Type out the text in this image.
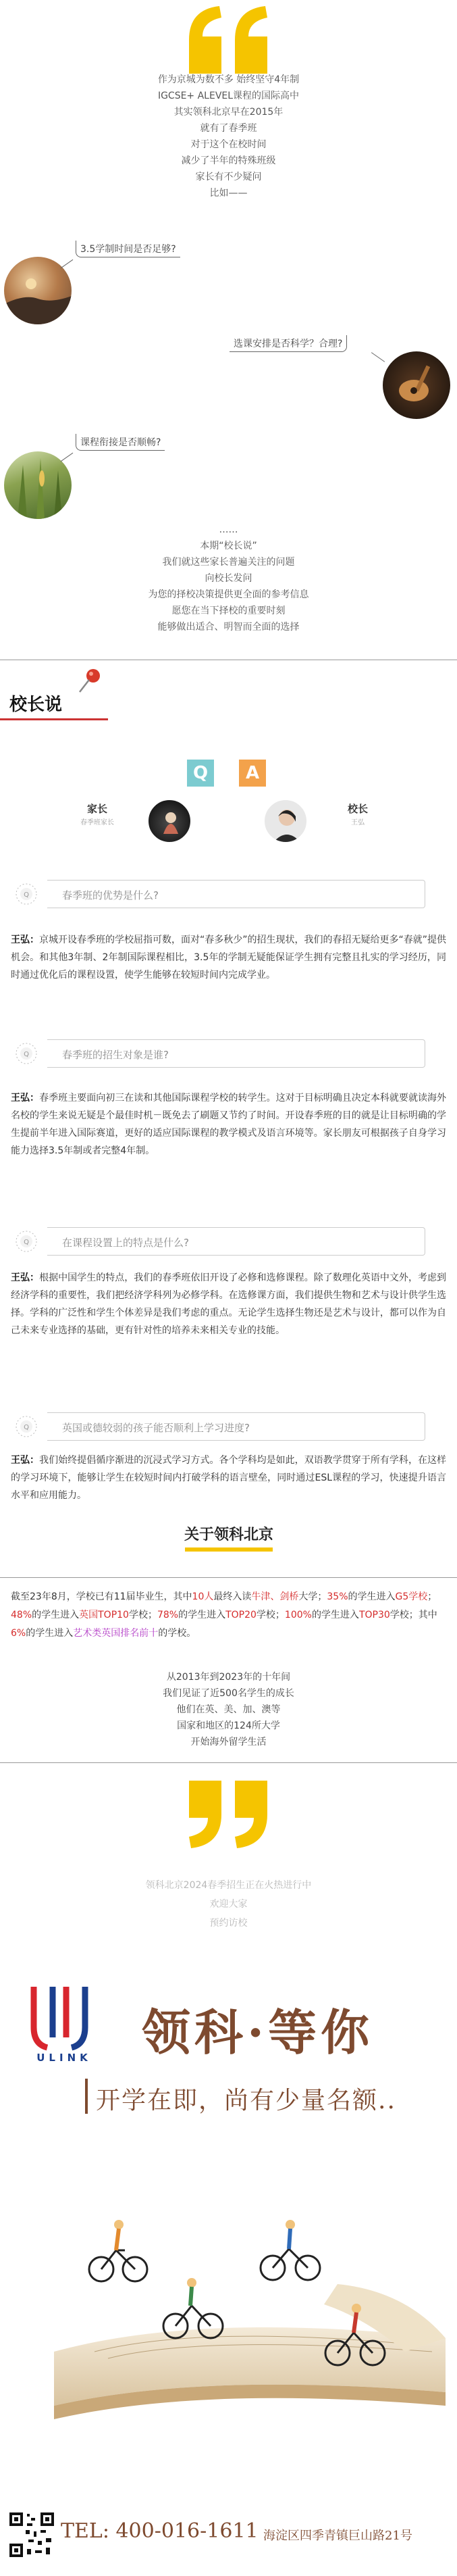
作为京城为数不多 始终坚守4年制

IGCSE+ ALEVEL课程的国际高中

其实领科北京早在2015年

就有了春季班

对于这个在校时间

减少了半年的特殊班级

家长有不少疑问

比如——

3.5学制时间是否足够?
选课安排是否科学？合理?
课程衔接是否顺畅?

……

本期“校长说”

我们就这些家长普遍关注的问题

向校长发问

为您的择校决策提供更全面的参考信息

愿您在当下择校的重要时刻

能够做出适合、明智而全面的选择

校长说
Q	A
家长
春季班家长
校长
王弘
Q	春季班的优势是什么?
王弘：京城开设春季班的学校屈指可数，面对“春多秋少”的招生现状，我们的春招无疑给更多“春就”提供机会。和其他3年制、2年制国际课程相比，3.5年的学制无疑能保证学生拥有完整且扎实的学习经历，同时通过优化后的课程设置，使学生能够在较短时间内完成学业。
Q	春季班的招生对象是谁?
王弘：春季班主要面向初三在读和其他国际课程学校的转学生。这对于目标明确且决定本科就要就读海外名校的学生来说无疑是个最佳时机－既免去了刷题又节约了时间。开设春季班的目的就是让目标明确的学生提前半年进入国际赛道，更好的适应国际课程的教学模式及语言环境等。家长朋友可根据孩子自身学习能力选择3.5年制或者完整4年制。
Q	在课程设置上的特点是什么?
王弘：根据中国学生的特点，我们的春季班依旧开设了必修和选修课程。除了数理化英语中文外，考虑到经济学科的重要性，我们把经济学科列为必修学科。在选修课方面，我们提供生物和艺术与设计供学生选择。学科的广泛性和学生个体差异是我们考虑的重点。无论学生选择生物还是艺术与设计，都可以作为自己未来专业选择的基础，更有针对性的培养未来相关专业的技能。
Q	英国或德较弱的孩子能否顺利上学习进度?
王弘：我们始终提倡循序渐进的沉浸式学习方式。各个学科均是如此，双语教学贯穿于所有学科，在这样的学习环境下，能够让学生在较短时间内打破学科的语言壁垒，同时通过ESL课程的学习，快速提升语言水平和应用能力。
关于领科北京
截至23年8月，学校已有11届毕业生，其中10人最终入读牛津、剑桥大学；35%的学生进入G5学校；48%的学生进入英国TOP10学校；78%的学生进入TOP20学校；100%的学生进入TOP30学校；其中6%的学生进入艺术类英国排名前十的学校。

从2013年到2023年的十年间

我们见证了近500名学生的成长

他们在英、美、加、澳等

国家和地区的124所大学

开始海外留学生活

领科北京2024春季招生正在火热进行中

欢迎大家

预约访校

ULINK 领科·等你
开学在即，尚有少量名额..
TEL: 400-016-1611 海淀区四季青镇巨山路21号
